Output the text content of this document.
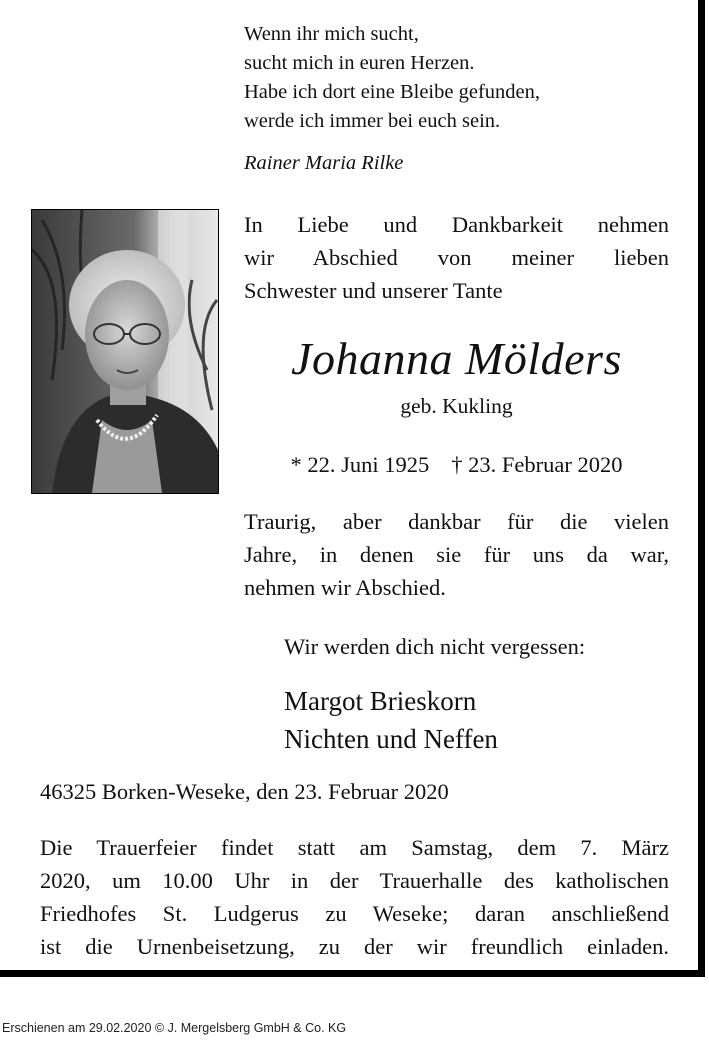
Wenn ihr mich sucht,
sucht mich in euren Herzen.
Habe ich dort eine Bleibe gefunden,
werde ich immer bei euch sein.
Rainer Maria Rilke
In Liebe und Dankbarkeit nehmen
wir Abschied von meiner lieben
Schwester und unserer Tante
Johanna Mölders
geb. Kukling
* 22. Juni 1925 † 23. Februar 2020
Traurig, aber dankbar für die vielen
Jahre, in denen sie für uns da war,
nehmen wir Abschied.
Wir werden dich nicht vergessen:
Margot Brieskorn
Nichten und Neffen
46325 Borken-Weseke, den 23. Februar 2020
Die Trauerfeier findet statt am Samstag, dem 7. März
2020, um 10.00 Uhr in der Trauerhalle des katholischen
Friedhofes St. Ludgerus zu Weseke; daran anschließend
ist die Urnenbeisetzung, zu der wir freundlich einladen.
Erschienen am 29.02.2020 © J. Mergelsberg GmbH & Co. KG
